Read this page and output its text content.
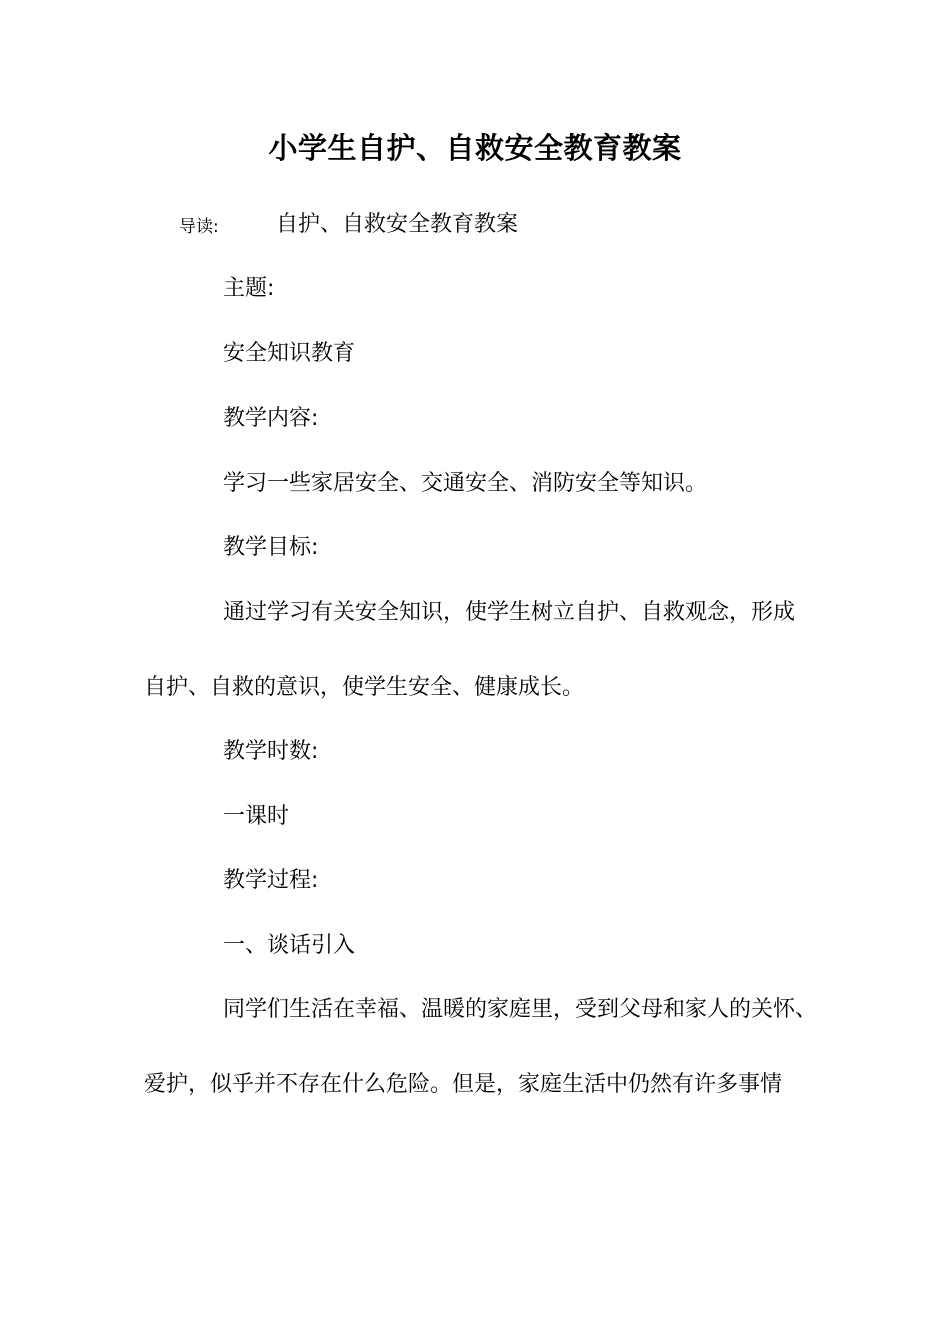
小学生自护、自救安全教育教案
导读:	自护、自救安全教育教案
主题:
安全知识教育
教学内容:
学习一些家居安全、交通安全、消防安全等知识。
教学目标:
通过学习有关安全知识，使学生树立自护、自救观念，形成
自护、自救的意识，使学生安全、健康成长。
教学时数:
一课时
教学过程:
一、谈话引入
同学们生活在幸福、温暖的家庭里，受到父母和家人的关怀、
爱护，似乎并不存在什么危险。但是，家庭生活中仍然有许多事情
